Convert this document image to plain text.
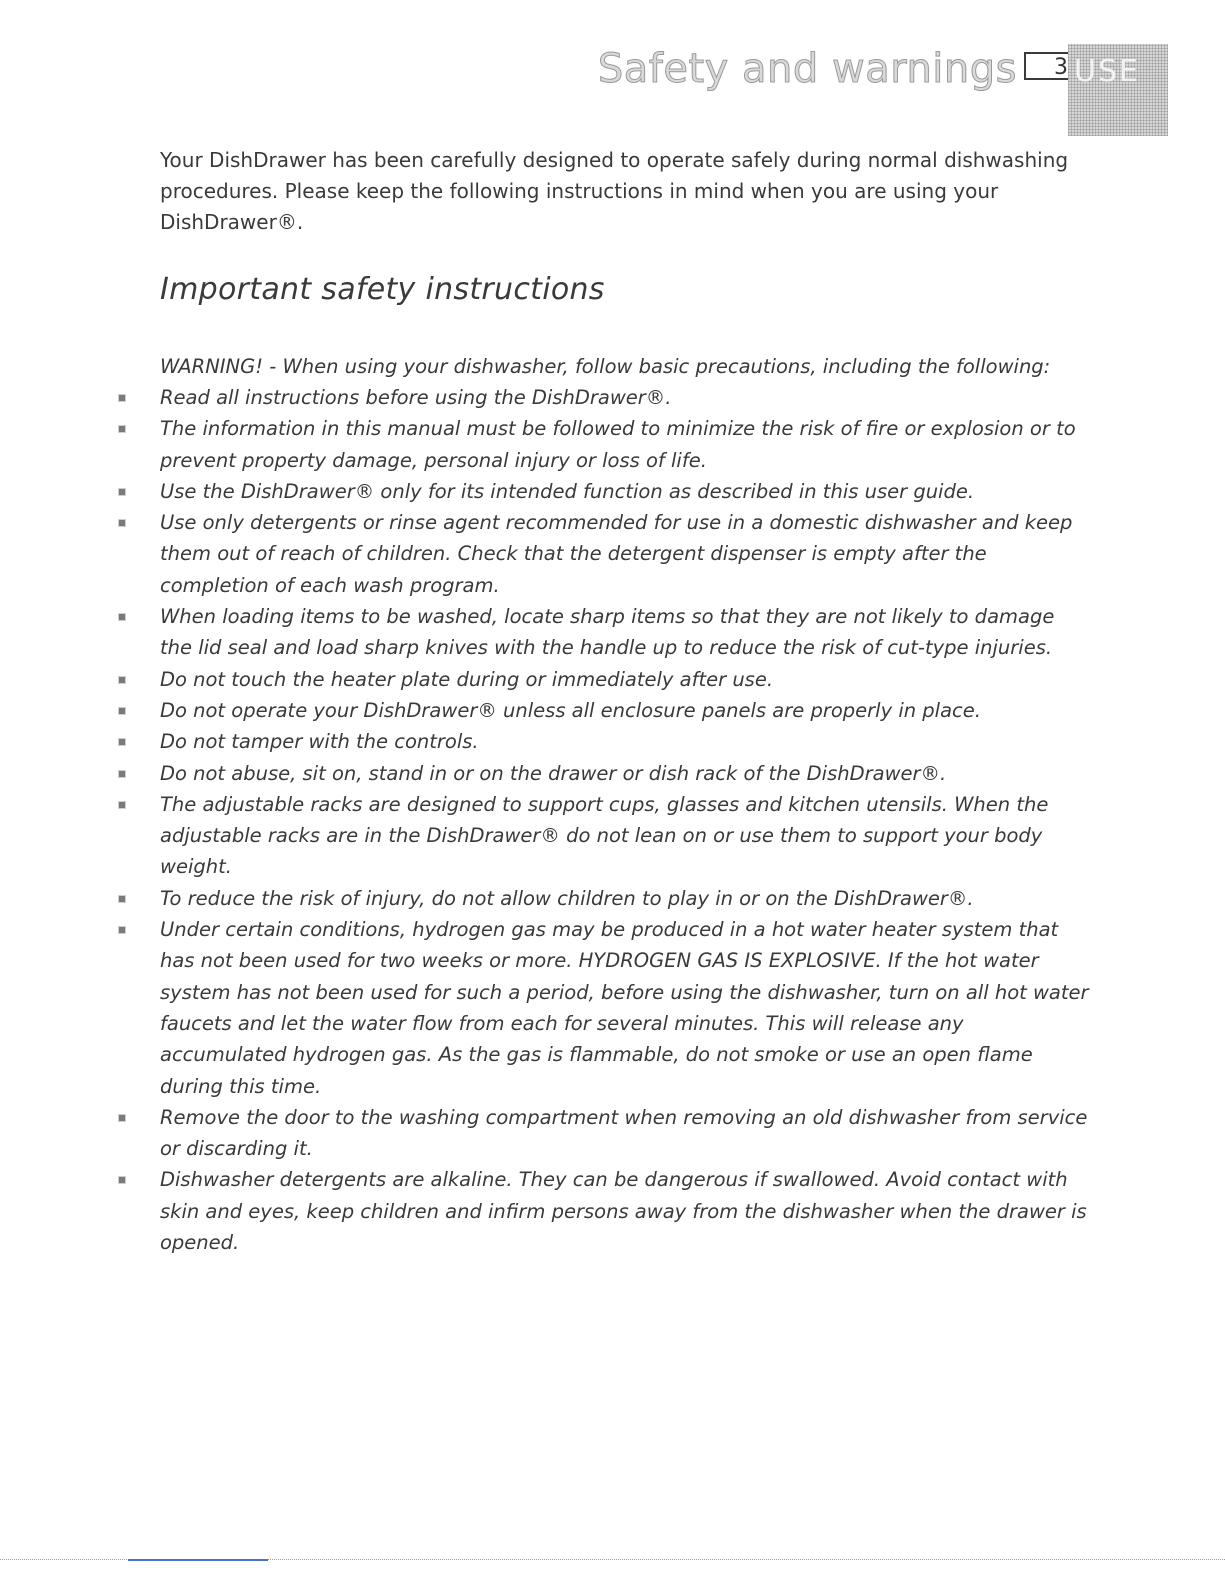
Safety and warnings 3 USE

Your DishDrawer has been carefully designed to operate safely during normal dishwashing procedures. Please keep the following instructions in mind when you are using your DishDrawer®.

Important safety instructions

WARNING! - When using your dishwasher, follow basic precautions, including the following:

Read all instructions before using the DishDrawer®.
The information in this manual must be followed to minimize the risk of fire or explosion or to prevent property damage, personal injury or loss of life.
Use the DishDrawer® only for its intended function as described in this user guide.
Use only detergents or rinse agent recommended for use in a domestic dishwasher and keep them out of reach of children. Check that the detergent dispenser is empty after the completion of each wash program.
When loading items to be washed, locate sharp items so that they are not likely to damage the lid seal and load sharp knives with the handle up to reduce the risk of cut-type injuries.
Do not touch the heater plate during or immediately after use.
Do not operate your DishDrawer® unless all enclosure panels are properly in place.
Do not tamper with the controls.
Do not abuse, sit on, stand in or on the drawer or dish rack of the DishDrawer®.
The adjustable racks are designed to support cups, glasses and kitchen utensils. When the adjustable racks are in the DishDrawer® do not lean on or use them to support your body weight.
To reduce the risk of injury, do not allow children to play in or on the DishDrawer®.
Under certain conditions, hydrogen gas may be produced in a hot water heater system that has not been used for two weeks or more. HYDROGEN GAS IS EXPLOSIVE. If the hot water system has not been used for such a period, before using the dishwasher, turn on all hot water faucets and let the water flow from each for several minutes. This will release any accumulated hydrogen gas. As the gas is flammable, do not smoke or use an open flame during this time.
Remove the door to the washing compartment when removing an old dishwasher from service or discarding it.
Dishwasher detergents are alkaline. They can be dangerous if swallowed. Avoid contact with skin and eyes, keep children and infirm persons away from the dishwasher when the drawer is opened.
